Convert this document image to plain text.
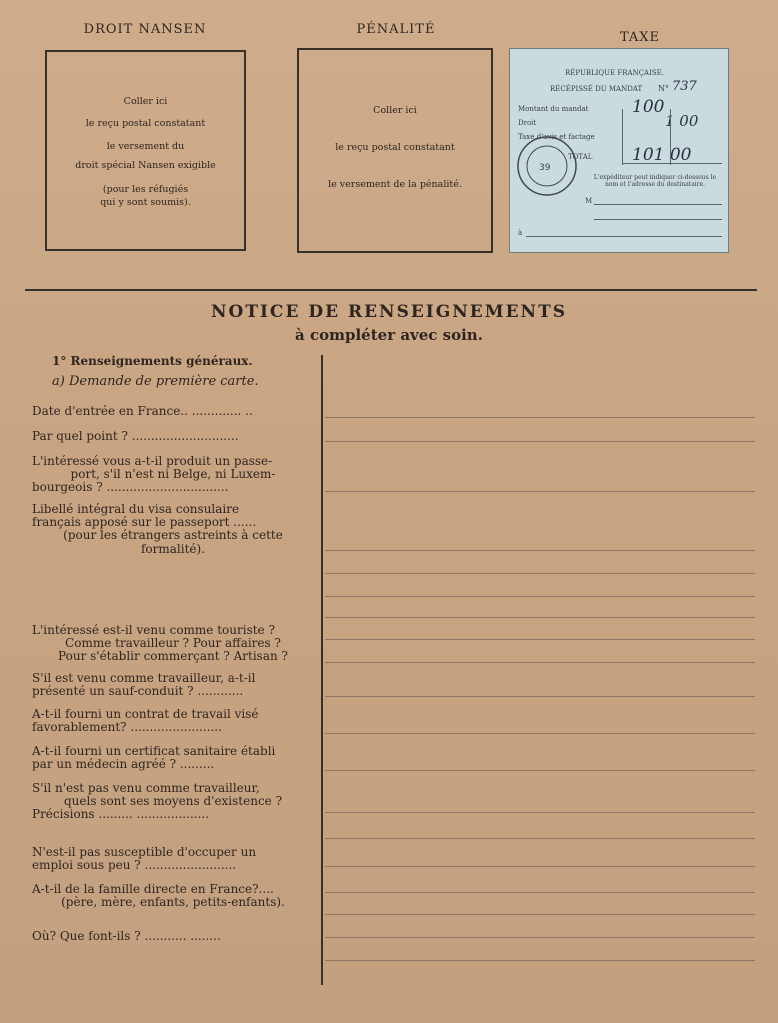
DROIT NANSEN	PÉNALITÉ
TAXE
Coller ici
le reçu postal constatant
le versement du
droit spécial Nansen exigible
(pour les réfugiés
qui y sont soumis).
Coller ici
le reçu postal constatant
le versement de la pénalité.
RÉPUBLIQUE FRANÇAISE.
RÉCÉPISSÉ DU MANDAT N° 737
Montant du mandat	100
Droit	1 00
Taxe d'avis et factage
TOTAL 101 00
L'expéditeur peut indiquer ci-dessous le nom et l'adresse du destinataire.
M
à
39
NOTICE DE RENSEIGNEMENTS
à compléter avec soin.
1° Renseignements généraux.
a) Demande de première carte.
Date d'entrée en France.. ............. ..
Par quel point ? ............................
L'intéressé vous a-t-il produit un passe-
port, s'il n'est ni Belge, ni Luxem-
bourgeois ? ................................
Libellé intégral du visa consulaire
français apposé sur le passeport ......
(pour les étrangers astreints à cette
formalité).
L'intéressé est-il venu comme touriste ?
Comme travailleur ? Pour affaires ?
Pour s'établir commerçant ? Artisan ?
S'il est venu comme travailleur, a-t-il
présenté un sauf-conduit ? ............
A-t-il fourni un contrat de travail visé
favorablement? ........................
A-t-il fourni un certificat sanitaire établi
par un médecin agréé ? .........
S'il n'est pas venu comme travailleur,
quels sont ses moyens d'existence ?
Précisions ......... ...................
N'est-il pas susceptible d'occuper un
emploi sous peu ? ........................
A-t-il de la famille directe en France?....
(père, mère, enfants, petits-enfants).
Où? Que font-ils ? ........... ........
